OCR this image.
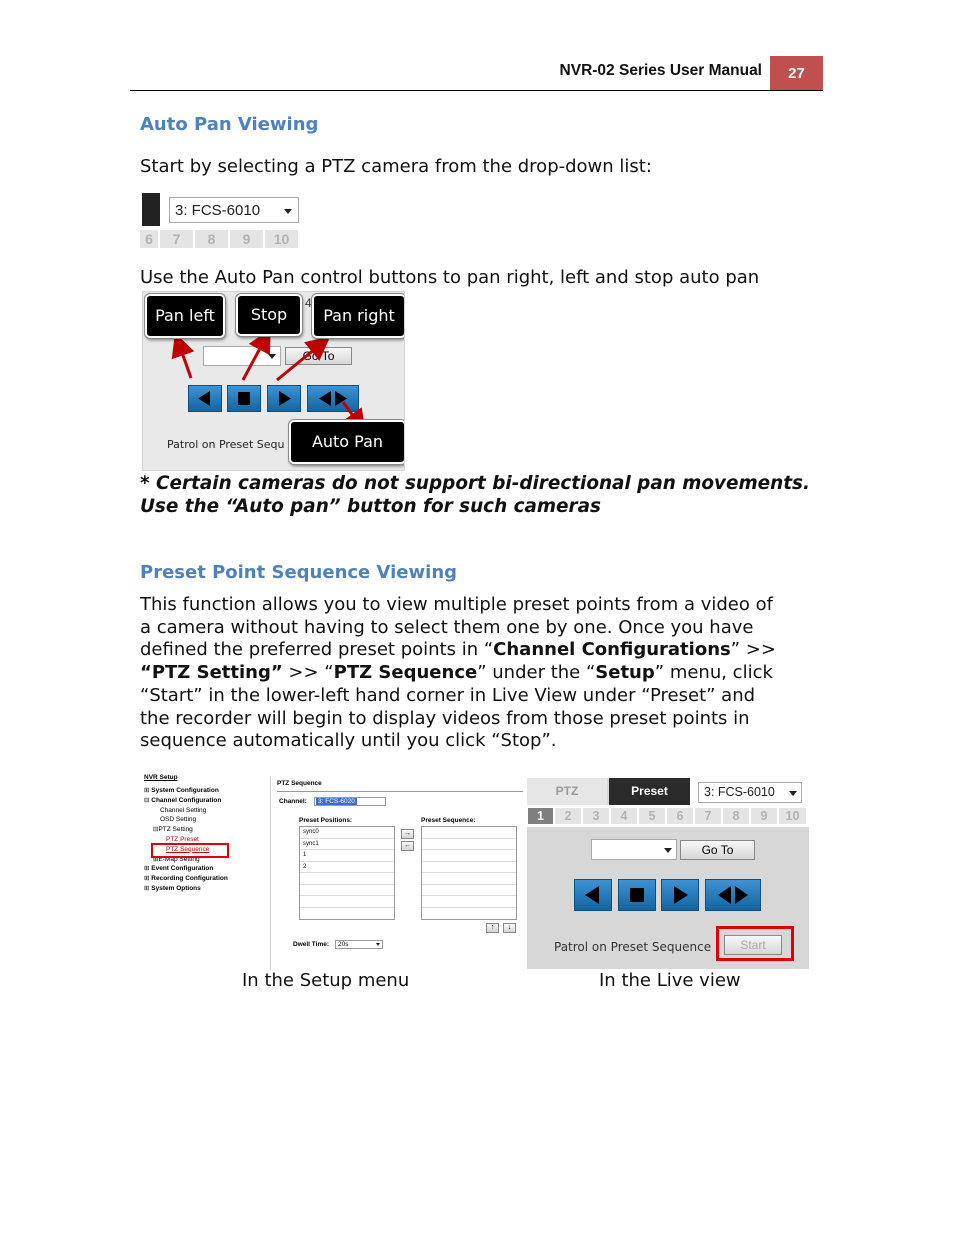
NVR-02 Series User Manual	27
Auto Pan Viewing
Start by selecting a PTZ camera from the drop-down list:
3: FCS-6010
6	7	8	9	10
Use the Auto Pan control buttons to pan right, left and stop auto pan
4
Go To
Patrol on Preset Sequ
Pan left	Stop	Pan right
Auto Pan
* Certain cameras do not support bi-directional pan movements.
Use the “Auto pan” button for such cameras
Preset Point Sequence Viewing
This function allows you to view multiple preset points from a video of
a camera without having to select them one by one. Once you have
defined the preferred preset points in “Channel Configurations” >>
“PTZ Setting” >> “PTZ Sequence” under the “Setup” menu, click
“Start” in the lower-left hand corner in Live View under “Preset” and
the recorder will begin to display videos from those preset points in
sequence automatically until you click “Stop”.
NVR Setup
⊞ System Configuration
⊟ Channel Configuration
Channel Setting
OSD Setting
⊟PTZ Setting
PTZ Preset
PTZ Sequence
⊞E-Map Setting
⊞ Event Configuration
⊞ Recording Configuration
⊞ System Options
PTZ Sequence
Channel:	3: FCS-6020
Preset Positions:	Preset Sequence:
sync0
sync1
1
2
→
←
↑	↓
Dwell Time: 20s
PTZ	Preset	3: FCS-6010
1	2	3	4	5	6	7	8	9	10
Go To
Patrol on Preset Sequence	Start
In the Setup menu	In the Live view
